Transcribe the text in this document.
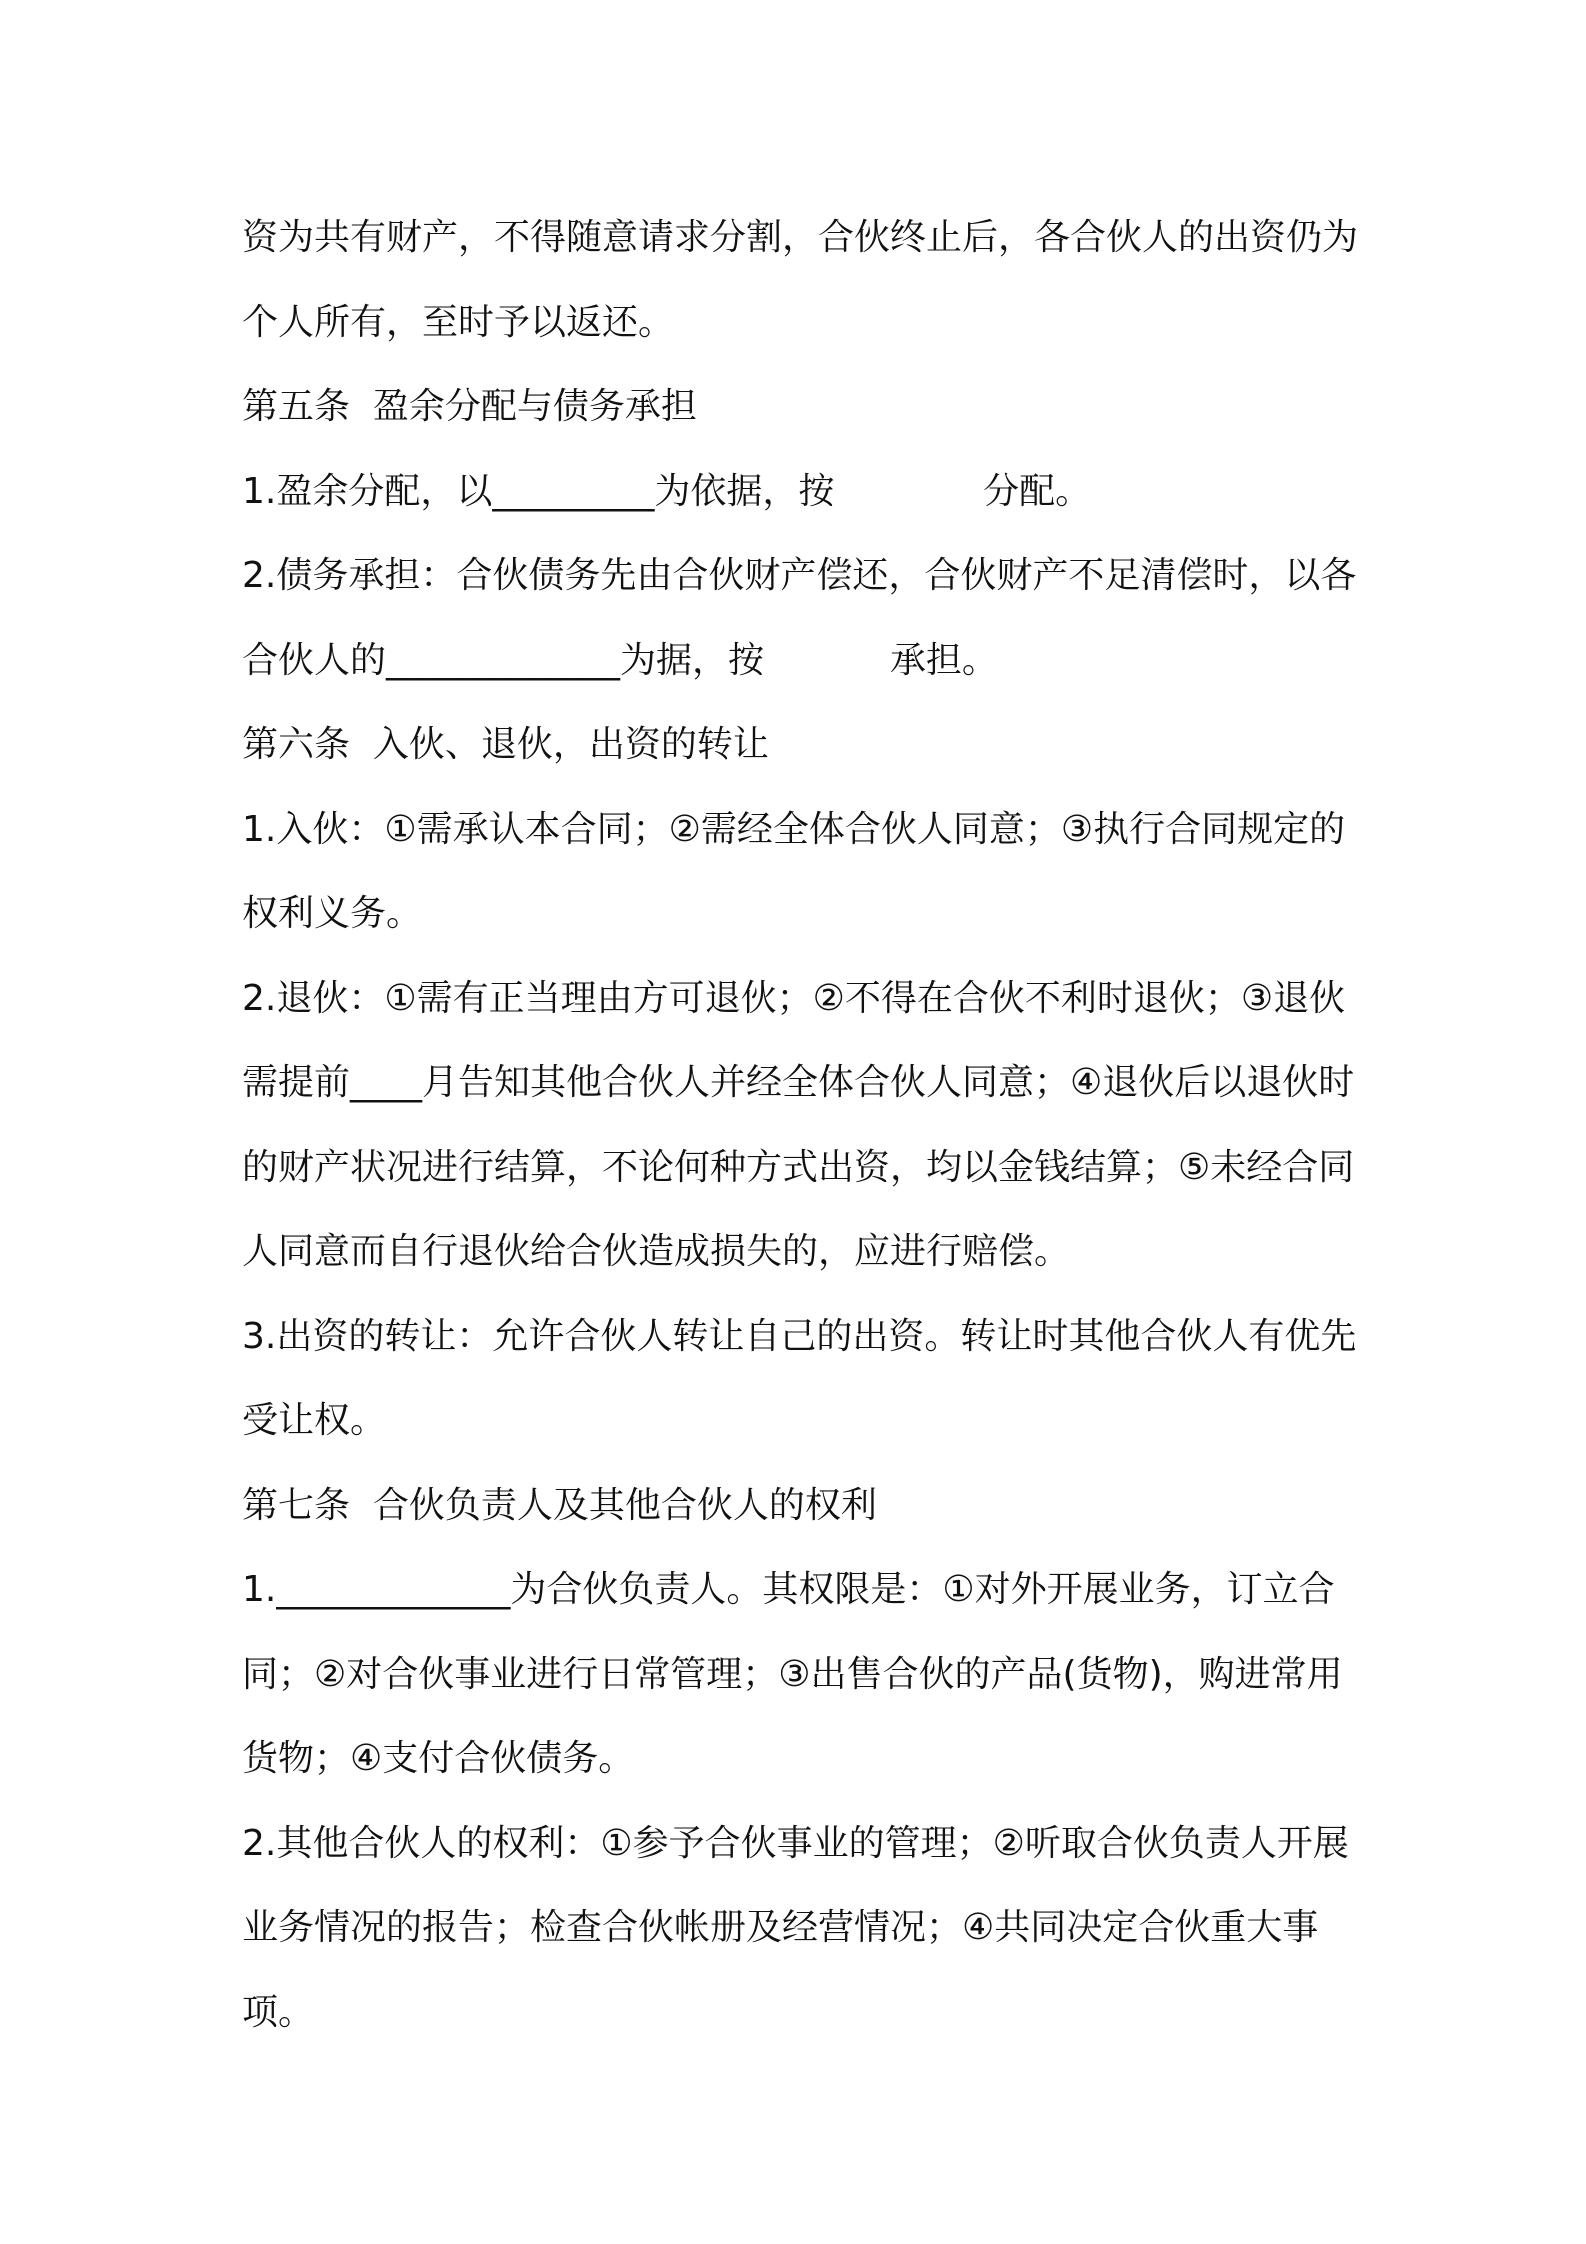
资为共有财产，不得随意请求分割，合伙终止后，各合伙人的出资仍为个人所有，至时予以返还。

第五条  盈余分配与债务承担

1.盈余分配，以_________为依据，按             分配。

2.债务承担：合伙债务先由合伙财产偿还，合伙财产不足清偿时，以各合伙人的_____________为据，按           承担。

第六条  入伙、退伙，出资的转让

1.入伙：①需承认本合同；②需经全体合伙人同意；③执行合同规定的权利义务。

2.退伙：①需有正当理由方可退伙；②不得在合伙不利时退伙；③退伙需提前____月告知其他合伙人并经全体合伙人同意；④退伙后以退伙时的财产状况进行结算，不论何种方式出资，均以金钱结算；⑤未经合同人同意而自行退伙给合伙造成损失的，应进行赔偿。

3.出资的转让：允许合伙人转让自己的出资。转让时其他合伙人有优先受让权。

第七条  合伙负责人及其他合伙人的权利

1._____________为合伙负责人。其权限是：①对外开展业务，订立合同；②对合伙事业进行日常管理；③出售合伙的产品(货物)，购进常用货物；④支付合伙债务。

2.其他合伙人的权利：①参予合伙事业的管理；②听取合伙负责人开展业务情况的报告；检查合伙帐册及经营情况；④共同决定合伙重大事项。
